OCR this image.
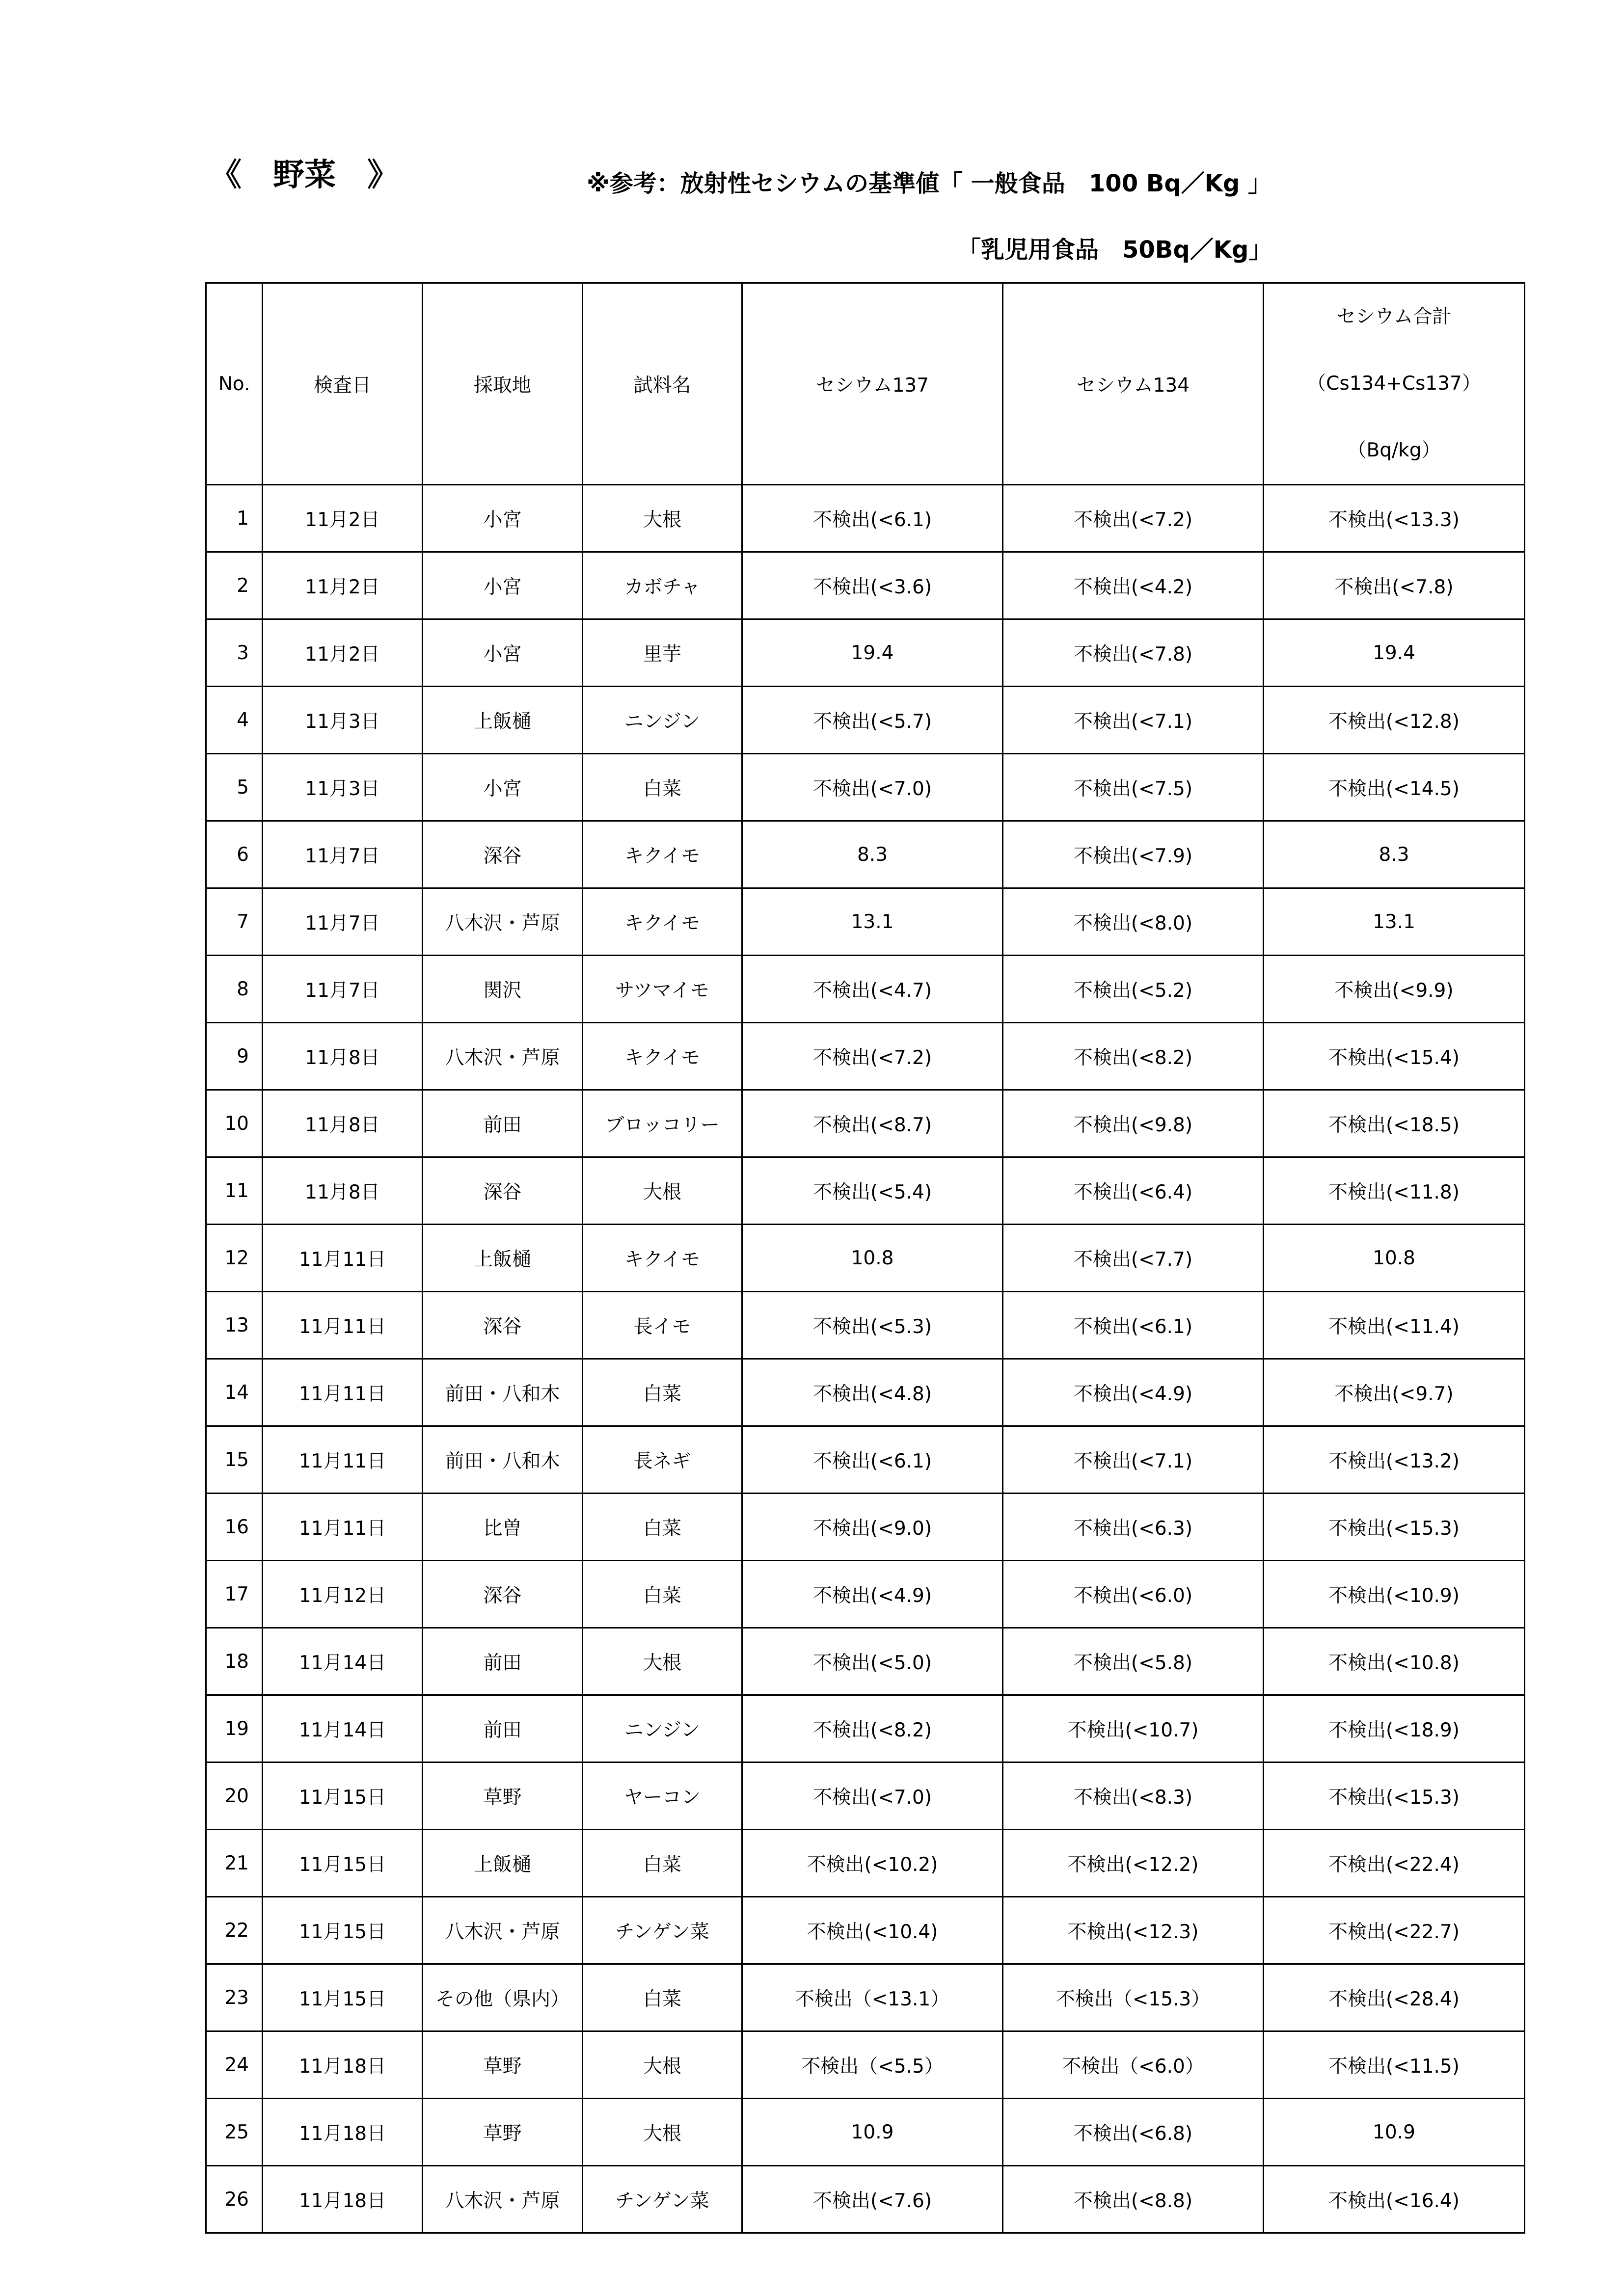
《　野菜　》	※参考：放射性セシウムの基準値「 一般食品　100 Bq／Kg 」
「乳児用食品　50Bq／Kg」
No.	検査日	採取地	試料名	セシウム137	セシウム134	セシウム合計
（Cs134+Cs137）
（Bq/kg）

1	11月2日	小宮	大根	不検出(<6.1)	不検出(<7.2)	不検出(<13.3)
2	11月2日	小宮	カボチャ	不検出(<3.6)	不検出(<4.2)	不検出(<7.8)
3	11月2日	小宮	里芋	19.4	不検出(<7.8)	19.4
4	11月3日	上飯樋	ニンジン	不検出(<5.7)	不検出(<7.1)	不検出(<12.8)
5	11月3日	小宮	白菜	不検出(<7.0)	不検出(<7.5)	不検出(<14.5)
6	11月7日	深谷	キクイモ	8.3	不検出(<7.9)	8.3
7	11月7日	八木沢・芦原	キクイモ	13.1	不検出(<8.0)	13.1
8	11月7日	関沢	サツマイモ	不検出(<4.7)	不検出(<5.2)	不検出(<9.9)
9	11月8日	八木沢・芦原	キクイモ	不検出(<7.2)	不検出(<8.2)	不検出(<15.4)
10	11月8日	前田	ブロッコリー	不検出(<8.7)	不検出(<9.8)	不検出(<18.5)
11	11月8日	深谷	大根	不検出(<5.4)	不検出(<6.4)	不検出(<11.8)
12	11月11日	上飯樋	キクイモ	10.8	不検出(<7.7)	10.8
13	11月11日	深谷	長イモ	不検出(<5.3)	不検出(<6.1)	不検出(<11.4)
14	11月11日	前田・八和木	白菜	不検出(<4.8)	不検出(<4.9)	不検出(<9.7)
15	11月11日	前田・八和木	長ネギ	不検出(<6.1)	不検出(<7.1)	不検出(<13.2)
16	11月11日	比曽	白菜	不検出(<9.0)	不検出(<6.3)	不検出(<15.3)
17	11月12日	深谷	白菜	不検出(<4.9)	不検出(<6.0)	不検出(<10.9)
18	11月14日	前田	大根	不検出(<5.0)	不検出(<5.8)	不検出(<10.8)
19	11月14日	前田	ニンジン	不検出(<8.2)	不検出(<10.7)	不検出(<18.9)
20	11月15日	草野	ヤーコン	不検出(<7.0)	不検出(<8.3)	不検出(<15.3)
21	11月15日	上飯樋	白菜	不検出(<10.2)	不検出(<12.2)	不検出(<22.4)
22	11月15日	八木沢・芦原	チンゲン菜	不検出(<10.4)	不検出(<12.3)	不検出(<22.7)
23	11月15日	その他（県内）	白菜	不検出（<13.1）	不検出（<15.3）	不検出(<28.4)
24	11月18日	草野	大根	不検出（<5.5）	不検出（<6.0）	不検出(<11.5)
25	11月18日	草野	大根	10.9	不検出(<6.8)	10.9
26	11月18日	八木沢・芦原	チンゲン菜	不検出(<7.6)	不検出(<8.8)	不検出(<16.4)
